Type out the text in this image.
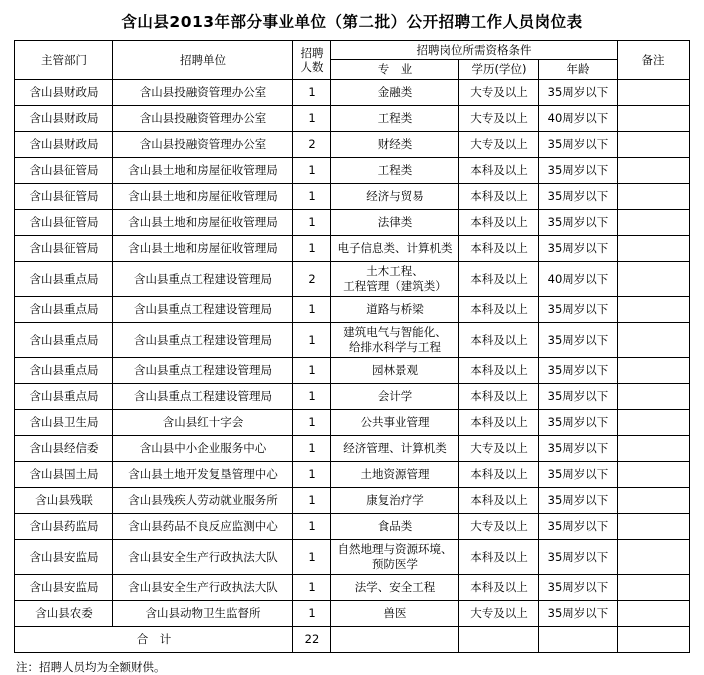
含山县2013年部分事业单位（第二批）公开招聘工作人员岗位表
主管部门	招聘单位	招聘
人数	招聘岗位所需资格条件			备注
			专　业	学历(学位)	年龄	
含山县财政局	含山县投融资管理办公室	1	金融类	大专及以上	35周岁以下	
含山县财政局	含山县投融资管理办公室	1	工程类	大专及以上	40周岁以下	
含山县财政局	含山县投融资管理办公室	2	财经类	大专及以上	35周岁以下	
含山县征管局	含山县土地和房屋征收管理局	1	工程类	本科及以上	35周岁以下	
含山县征管局	含山县土地和房屋征收管理局	1	经济与贸易	本科及以上	35周岁以下	
含山县征管局	含山县土地和房屋征收管理局	1	法律类	本科及以上	35周岁以下	
含山县征管局	含山县土地和房屋征收管理局	1	电子信息类、计算机类	本科及以上	35周岁以下	
含山县重点局	含山县重点工程建设管理局	2	土木工程、
工程管理（建筑类）	本科及以上	40周岁以下	
含山县重点局	含山县重点工程建设管理局	1	道路与桥梁	本科及以上	35周岁以下	
含山县重点局	含山县重点工程建设管理局	1	建筑电气与智能化、
给排水科学与工程	本科及以上	35周岁以下	
含山县重点局	含山县重点工程建设管理局	1	园林景观	本科及以上	35周岁以下	
含山县重点局	含山县重点工程建设管理局	1	会计学	本科及以上	35周岁以下	
含山县卫生局	含山县红十字会	1	公共事业管理	本科及以上	35周岁以下	
含山县经信委	含山县中小企业服务中心	1	经济管理、计算机类	大专及以上	35周岁以下	
含山县国土局	含山县土地开发复垦管理中心	1	土地资源管理	本科及以上	35周岁以下	
含山县残联	含山县残疾人劳动就业服务所	1	康复治疗学	本科及以上	35周岁以下	
含山县药监局	含山县药品不良反应监测中心	1	食品类	大专及以上	35周岁以下	
含山县安监局	含山县安全生产行政执法大队	1	自然地理与资源环境、
预防医学	本科及以上	35周岁以下	
含山县安监局	含山县安全生产行政执法大队	1	法学、安全工程	本科及以上	35周岁以下	
含山县农委	含山县动物卫生监督所	1	兽医	大专及以上	35周岁以下	
合　计		22				
注：招聘人员均为全额财供。
